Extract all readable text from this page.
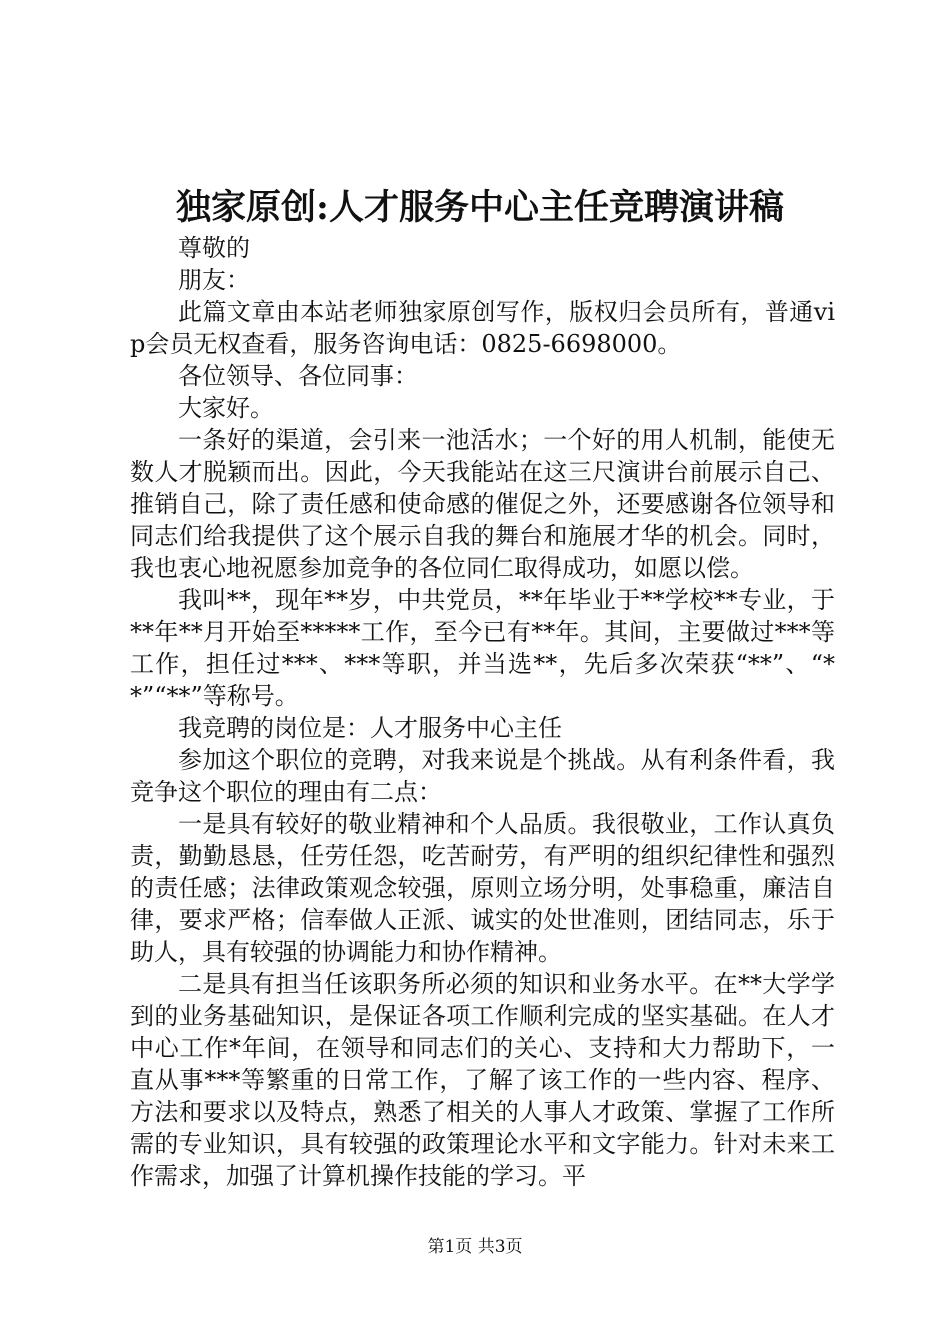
独家原创:人才服务中心主任竞聘演讲稿

尊敬的

朋友：

此篇文章由本站老师独家原创写作，版权归会员所有，普通vip会员无权查看，服务咨询电话：0825-6698000。

各位领导、各位同事：

大家好。

一条好的渠道，会引来一池活水；一个好的用人机制，能使无数人才脱颖而出。因此，今天我能站在这三尺演讲台前展示自己、推销自己，除了责任感和使命感的催促之外，还要感谢各位领导和同志们给我提供了这个展示自我的舞台和施展才华的机会。同时，我也衷心地祝愿参加竞争的各位同仁取得成功，如愿以偿。

我叫**，现年**岁，中共党员，**年毕业于**学校**专业，于**年**月开始至*****工作，至今已有**年。其间，主要做过***等工作，担任过***、***等职，并当选**，先后多次荣获“**”、“**”“**”等称号。

我竞聘的岗位是：人才服务中心主任

参加这个职位的竞聘，对我来说是个挑战。从有利条件看，我竞争这个职位的理由有二点：

一是具有较好的敬业精神和个人品质。我很敬业，工作认真负责，勤勤恳恳，任劳任怨，吃苦耐劳，有严明的组织纪律性和强烈的责任感；法律政策观念较强，原则立场分明，处事稳重，廉洁自律，要求严格；信奉做人正派、诚实的处世准则，团结同志，乐于助人，具有较强的协调能力和协作精神。

二是具有担当任该职务所必须的知识和业务水平。在**大学学到的业务基础知识，是保证各项工作顺利完成的坚实基础。在人才中心工作*年间，在领导和同志们的关心、支持和大力帮助下，一直从事***等繁重的日常工作，了解了该工作的一些内容、程序、方法和要求以及特点，熟悉了相关的人事人才政策、掌握了工作所需的专业知识，具有较强的政策理论水平和文字能力。针对未来工作需求，加强了计算机操作技能的学习。平

第1页 共3页
